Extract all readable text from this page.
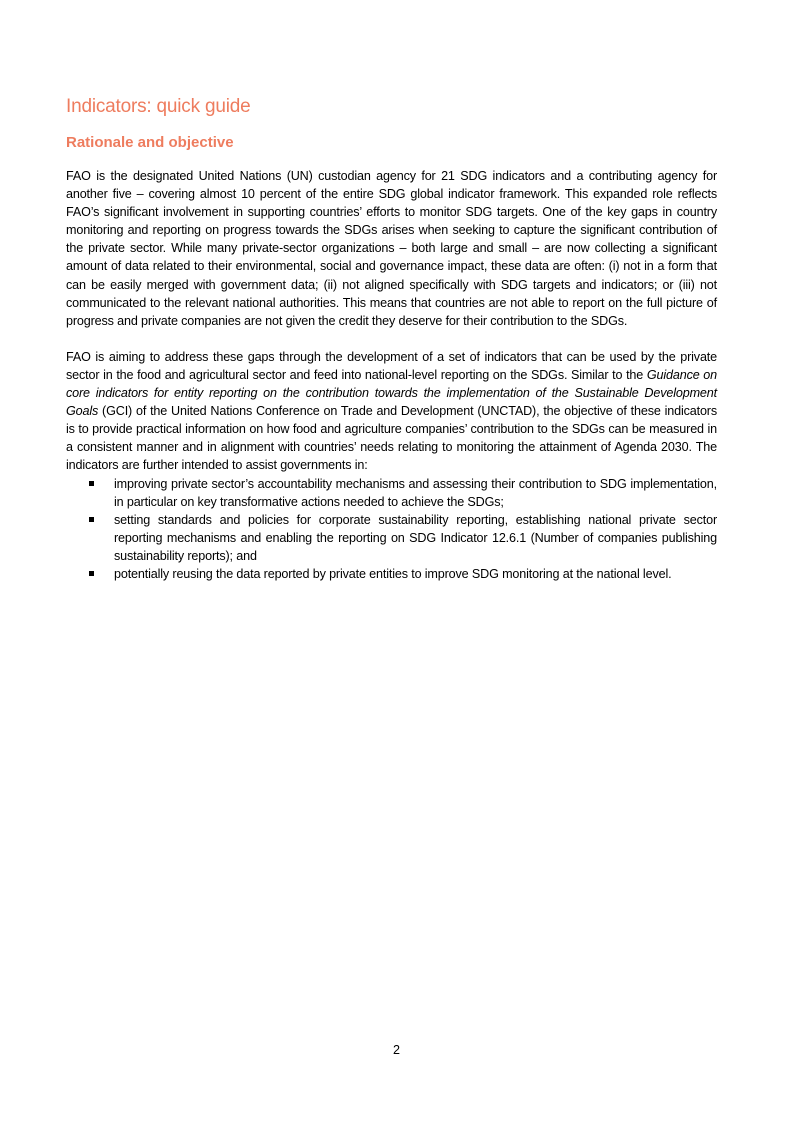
Indicators: quick guide
Rationale and objective

FAO is the designated United Nations (UN) custodian agency for 21 SDG indicators and a contributing agency for another five – covering almost 10 percent of the entire SDG global indicator framework. This expanded role reflects FAO’s significant involvement in supporting countries’ efforts to monitor SDG targets. One of the key gaps in country monitoring and reporting on progress towards the SDGs arises when seeking to capture the significant contribution of the private sector. While many private-sector organizations – both large and small – are now collecting a significant amount of data related to their environmental, social and governance impact, these data are often: (i) not in a form that can be easily merged with government data; (ii) not aligned specifically with SDG targets and indicators; or (iii) not communicated to the relevant national authorities. This means that countries are not able to report on the full picture of progress and private companies are not given the credit they deserve for their contribution to the SDGs.

FAO is aiming to address these gaps through the development of a set of indicators that can be used by the private sector in the food and agricultural sector and feed into national-level reporting on the SDGs. Similar to the Guidance on core indicators for entity reporting on the contribution towards the implementation of the Sustainable Development Goals (GCI) of the United Nations Conference on Trade and Development (UNCTAD), the objective of these indicators is to provide practical information on how food and agriculture companies’ contribution to the SDGs can be measured in a consistent manner and in alignment with countries’ needs relating to monitoring the attainment of Agenda 2030. The indicators are further intended to assist governments in:

improving private sector’s accountability mechanisms and assessing their contribution to SDG implementation, in particular on key transformative actions needed to achieve the SDGs;
setting standards and policies for corporate sustainability reporting, establishing national private sector reporting mechanisms and enabling the reporting on SDG Indicator 12.6.1 (Number of companies publishing sustainability reports); and
potentially reusing the data reported by private entities to improve SDG monitoring at the national level.
2
